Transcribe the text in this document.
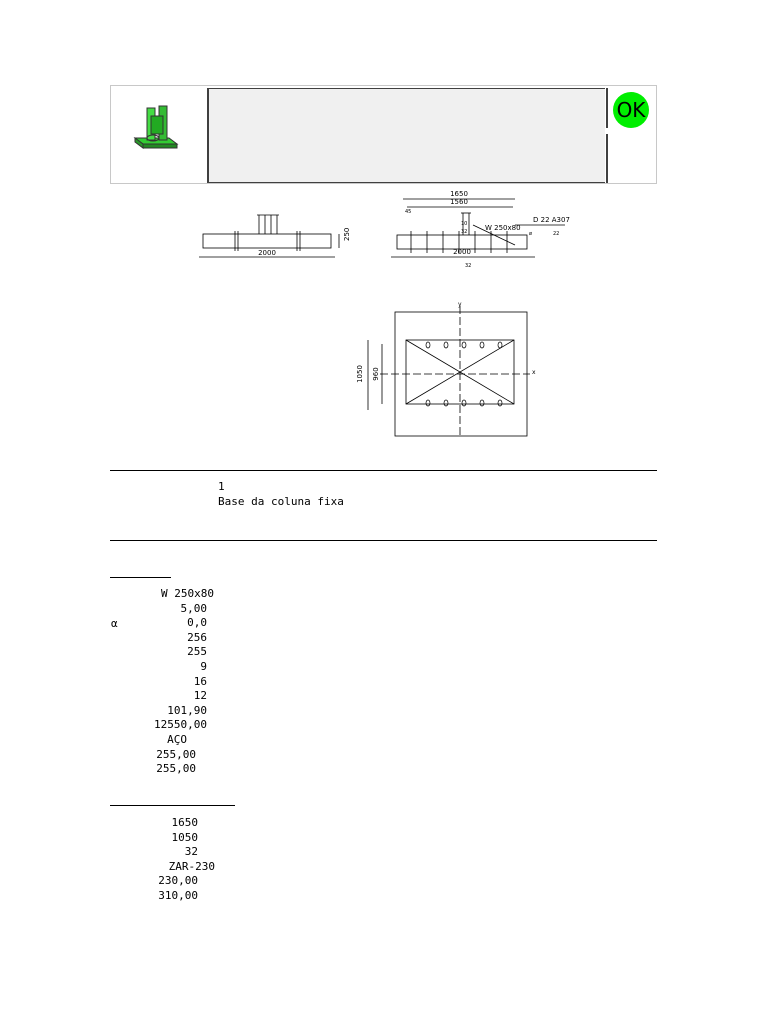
OK
2000
250
1650
1560
2000
D 22 A307
W 250x80
45
32
10
32
ø	22
1050 960	x
y
1
Base da coluna fixa
α
W 250x80
5,00
0,0
256
255
9
16
12
101,90
12550,00
AÇO
255,00
255,00
1650
1050
32
ZAR-230
230,00
310,00
